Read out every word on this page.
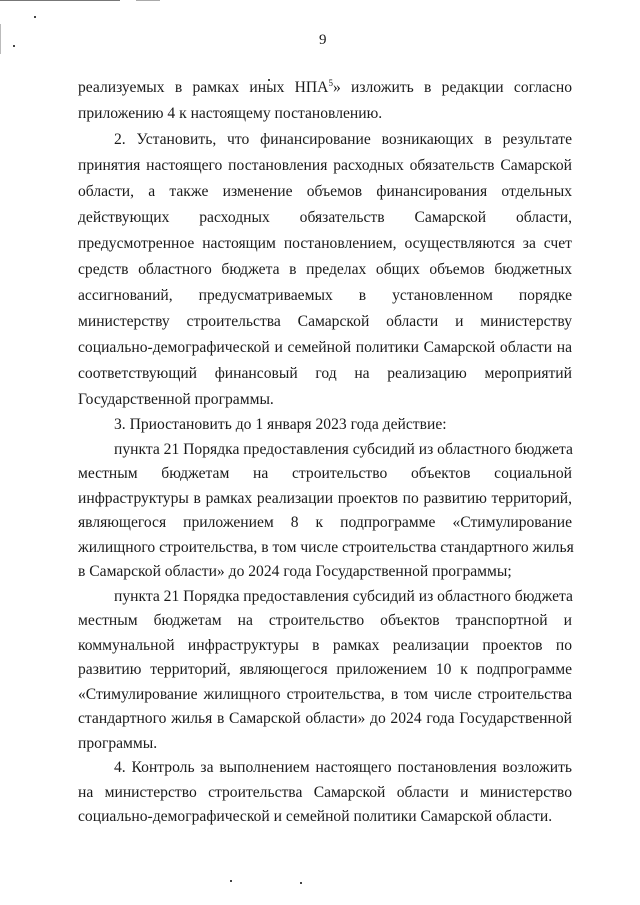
9
реализуемых в рамках иных НПА$^5$» изложить в редакции согласно
приложению 4 к настоящему постановлению.
2. Установить, что финансирование возникающих в результате
принятия настоящего постановления расходных обязательств Самарской
области, а также изменение объемов финансирования отдельных
действующих расходных обязательств Самарской области,
предусмотренное настоящим постановлением, осуществляются за счет
средств областного бюджета в пределах общих объемов бюджетных
ассигнований, предусматриваемых в установленном порядке
министерству строительства Самарской области и министерству
социально-демографической и семейной политики Самарской области на
соответствующий финансовый год на реализацию мероприятий
Государственной программы.
3. Приостановить до 1 января 2023 года действие:
пункта 21 Порядка предоставления субсидий из областного бюджета
местным бюджетам на строительство объектов социальной
инфраструктуры в рамках реализации проектов по развитию территорий,
являющегося приложением 8 к подпрограмме «Стимулирование
жилищного строительства, в том числе строительства стандартного жилья
в Самарской области» до 2024 года Государственной программы;
пункта 21 Порядка предоставления субсидий из областного бюджета
местным бюджетам на строительство объектов транспортной и
коммунальной инфраструктуры в рамках реализации проектов по
развитию территорий, являющегося приложением 10 к подпрограмме
«Стимулирование жилищного строительства, в том числе строительства
стандартного жилья в Самарской области» до 2024 года Государственной
программы.
4. Контроль за выполнением настоящего постановления возложить
на министерство строительства Самарской области и министерство
социально-демографической и семейной политики Самарской области.
